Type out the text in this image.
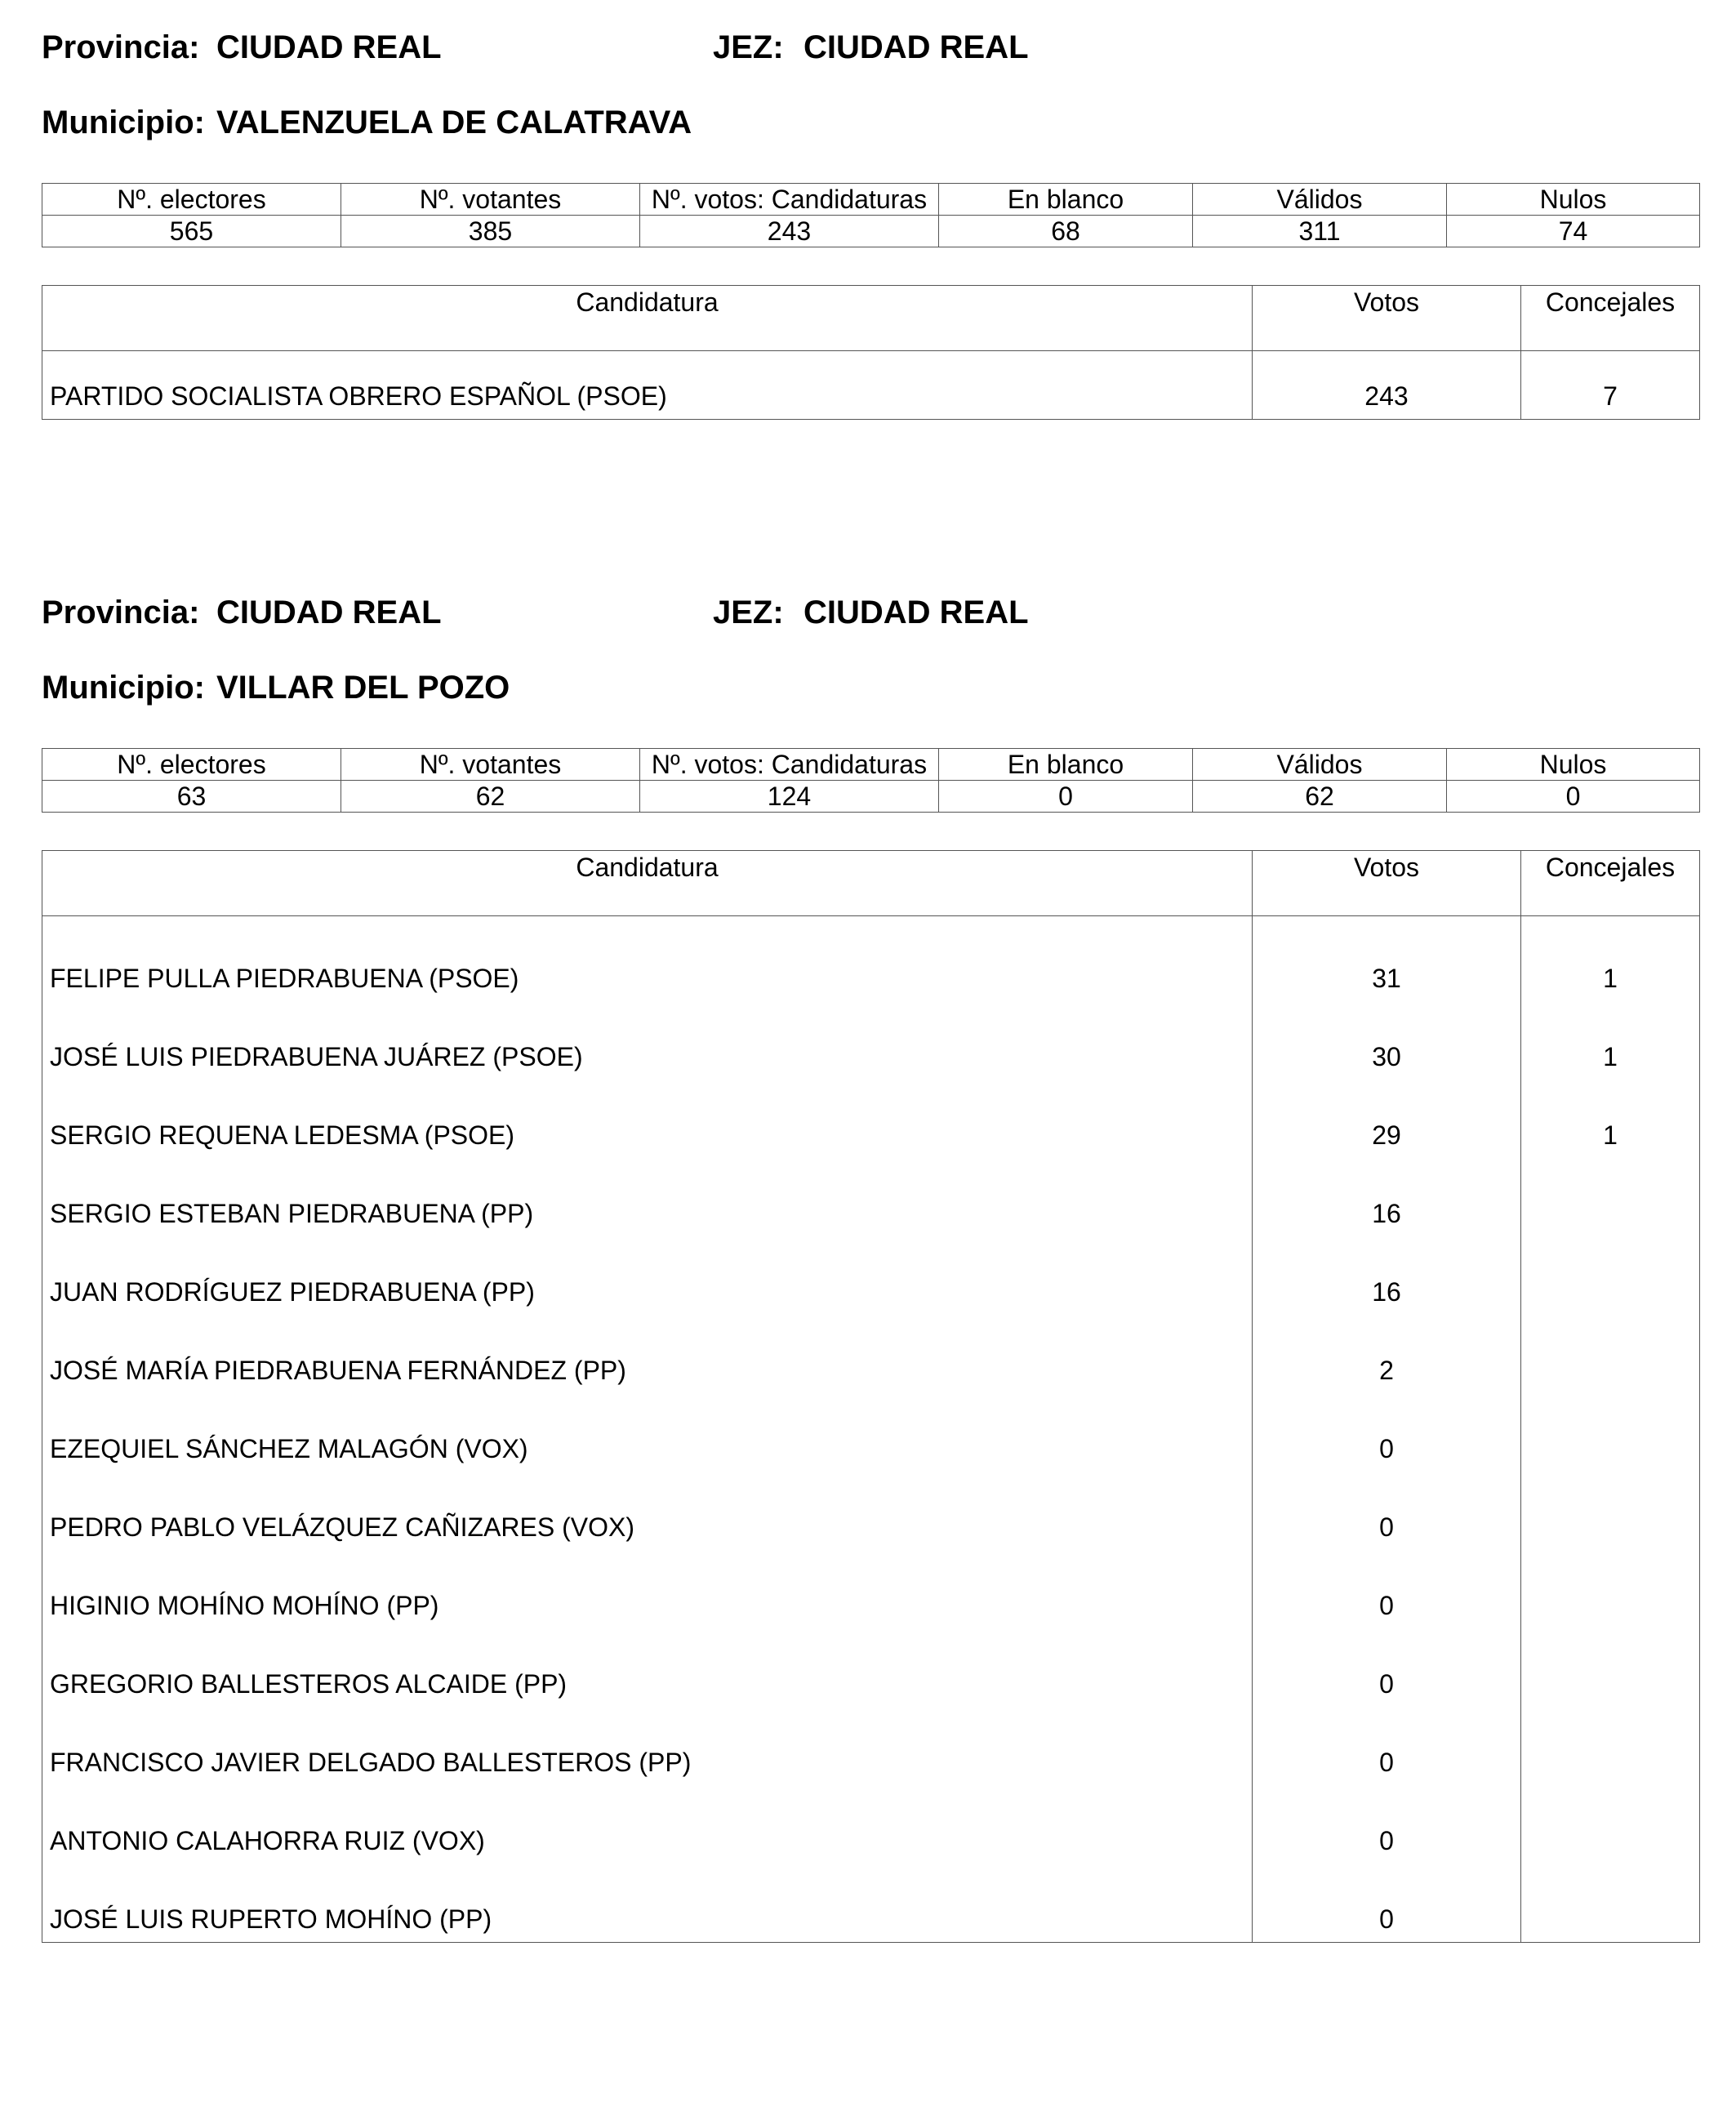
Provincia: CIUDAD REAL	JEZ: CIUDAD REAL
Municipio: VALENZUELA DE CALATRAVA
Nº. electores	Nº. votantes	Nº. votos: Candidaturas	En blanco	Válidos	Nulos
565	385	243	68	311	74
Candidatura	Votos	Concejales
PARTIDO SOCIALISTA OBRERO ESPAÑOL (PSOE)	243	7
Provincia: CIUDAD REAL	JEZ: CIUDAD REAL
Municipio: VILLAR DEL POZO
Nº. electores	Nº. votantes	Nº. votos: Candidaturas	En blanco	Válidos	Nulos
63	62	124	0	62	0
Candidatura	Votos	Concejales
FELIPE PULLA PIEDRABUENA (PSOE)	31	1
JOSÉ LUIS PIEDRABUENA JUÁREZ (PSOE)	30	1
SERGIO REQUENA LEDESMA (PSOE)	29	1
SERGIO ESTEBAN PIEDRABUENA (PP)	16	
JUAN RODRÍGUEZ PIEDRABUENA (PP)	16	
JOSÉ MARÍA PIEDRABUENA FERNÁNDEZ (PP)	2	
EZEQUIEL SÁNCHEZ MALAGÓN (VOX)	0	
PEDRO PABLO VELÁZQUEZ CAÑIZARES (VOX)	0	
HIGINIO MOHÍNO MOHÍNO (PP)	0	
GREGORIO BALLESTEROS ALCAIDE (PP)	0	
FRANCISCO JAVIER DELGADO BALLESTEROS (PP)	0	
ANTONIO CALAHORRA RUIZ (VOX)	0	
JOSÉ LUIS RUPERTO MOHÍNO (PP)	0	
